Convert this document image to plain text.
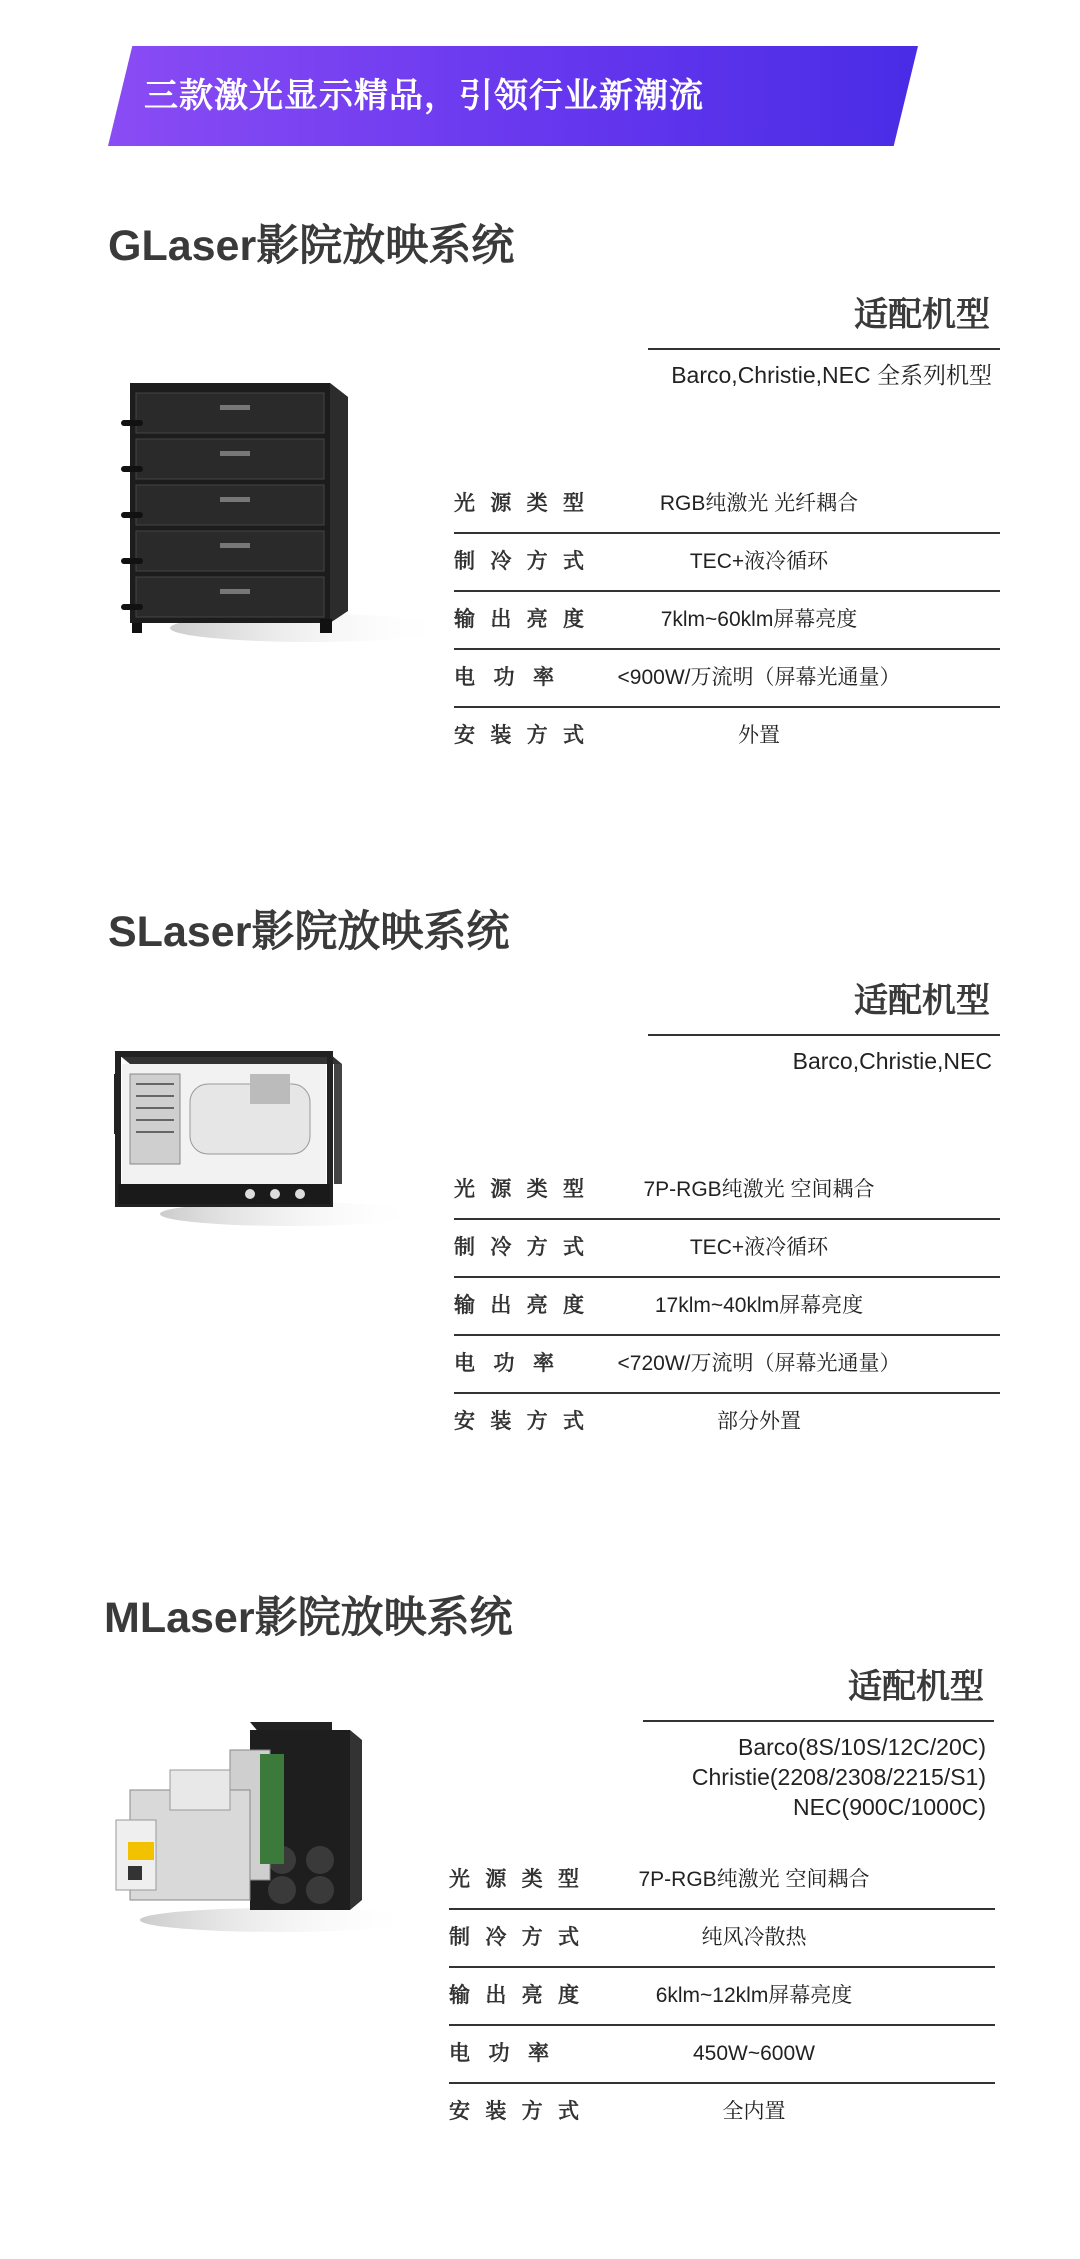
三款激光显示精品，引领行业新潮流
GLaser影院放映系统
适配机型
Barco,Christie,NEC 全系列机型
光源类型	RGB纯激光 光纤耦合
制冷方式	TEC+液冷循环
输出亮度	7klm~60klm屏幕亮度
电功率	<900W/万流明（屏幕光通量）
安装方式	外置
SLaser影院放映系统
适配机型
Barco,Christie,NEC
光源类型	7P-RGB纯激光 空间耦合
制冷方式	TEC+液冷循环
输出亮度	17klm~40klm屏幕亮度
电功率	<720W/万流明（屏幕光通量）
安装方式	部分外置
MLaser影院放映系统
适配机型
Barco(8S/10S/12C/20C)
Christie(2208/2308/2215/S1)
NEC(900C/1000C)
光源类型	7P-RGB纯激光 空间耦合
制冷方式	纯风冷散热
输出亮度	6klm~12klm屏幕亮度
电功率	450W~600W
安装方式	全内置
